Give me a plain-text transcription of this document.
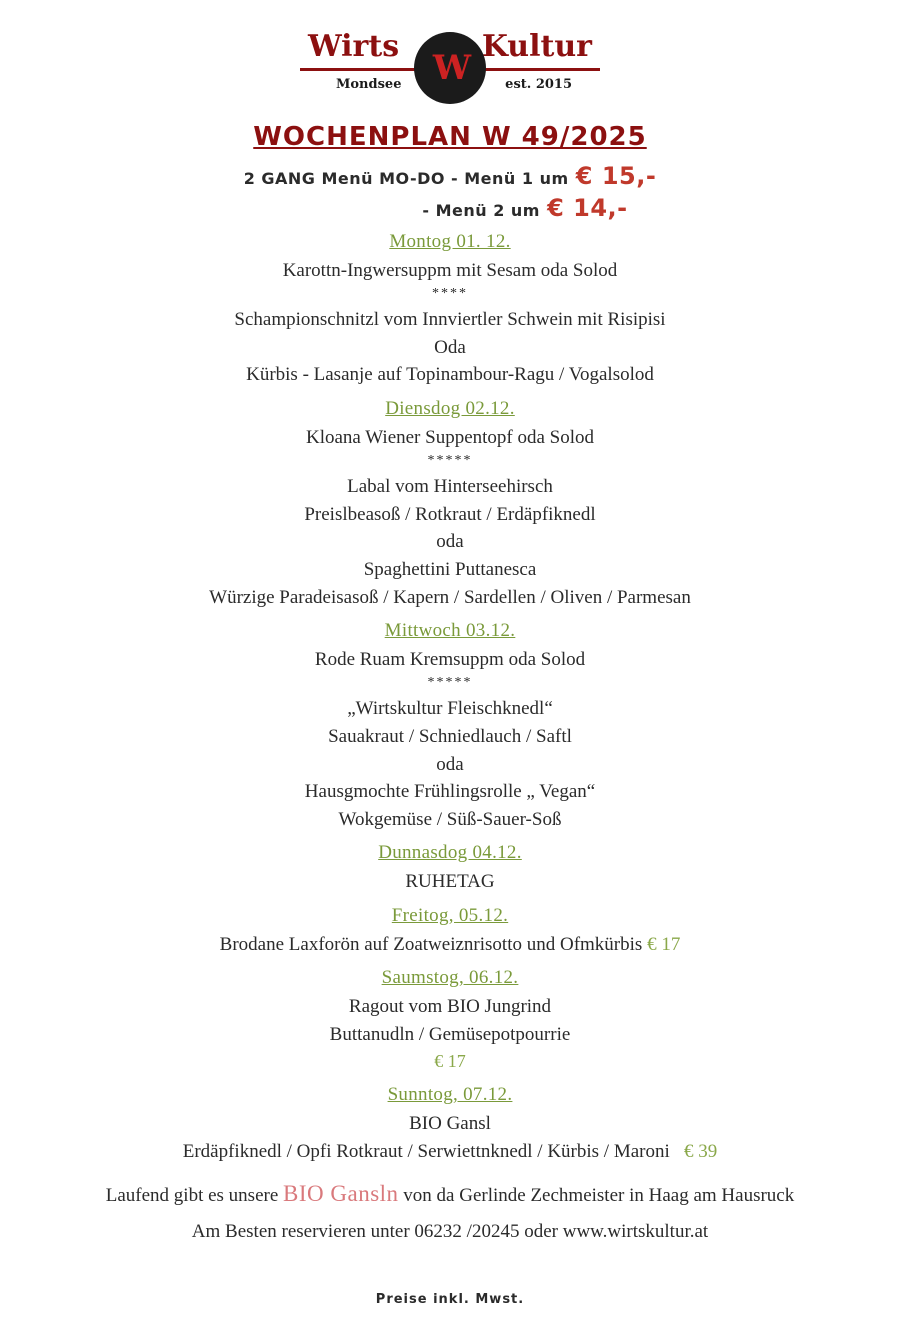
Wirts	Kultur
Mondsee	est. 2015
W
WOCHENPLAN W 49/2025
2 GANG Menü MO-DO - Menü 1 um € 15,-
- Menü 2 um € 14,-
Montog 01. 12.
Karottn-Ingwersuppm mit Sesam oda Solod
****
Schampionschnitzl vom Innviertler Schwein mit Risipisi
Oda
Kürbis - Lasanje auf Topinambour-Ragu / Vogalsolod
Diensdog 02.12.
Kloana Wiener Suppentopf oda Solod
*****
Labal vom Hinterseehirsch
Preislbeasoß / Rotkraut / Erdäpfiknedl
oda
Spaghettini Puttanesca
Würzige Paradeisasoß / Kapern / Sardellen / Oliven / Parmesan
Mittwoch 03.12.
Rode Ruam Kremsuppm oda Solod
*****
„Wirtskultur Fleischknedl“
Sauakraut / Schniedlauch / Saftl
oda
Hausgmochte Frühlingsrolle „ Vegan“
Wokgemüse / Süß-Sauer-Soß
Dunnasdog 04.12.
RUHETAG
Freitog, 05.12.
Brodane Laxforön auf Zoatweiznrisotto und Ofmkürbis € 17
Saumstog, 06.12.
Ragout vom BIO Jungrind
Buttanudln / Gemüsepotpourrie
€ 17
Sunntog, 07.12.
BIO Gansl
Erdäpfiknedl / Opfi Rotkraut / Serwiettnknedl / Kürbis / Maroni € 39
Laufend gibt es unsere BIO Gansln von da Gerlinde Zechmeister in Haag am Hausruck
Am Besten reservieren unter 06232 /20245 oder www.wirtskultur.at
Preise inkl. Mwst.
